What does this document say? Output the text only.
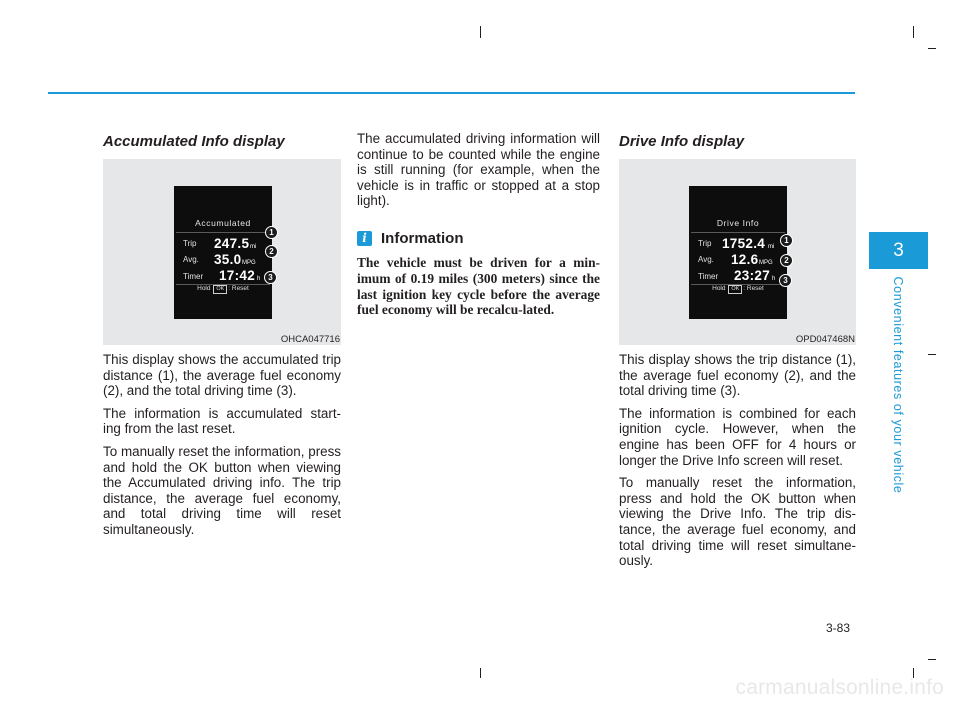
Accumulated Info display
Accumulated
Trip 247.5 mi
Avg. 35.0 MPG
Timer 17:42 h
Hold OK : Reset
1
2
3
OHCA047716

This display shows the accumulated trip distance (1), the average fuel economy (2), and the total driving time (3).

The information is accumulated start-ing from the last reset.

To manually reset the information, press and hold the OK button when viewing the Accumulated driving info. The trip distance, the average fuel economy, and total driving time will reset simultaneously.

The accumulated driving information will continue to be counted while the engine is still running (for example, when the vehicle is in traffic or stopped at a stop light).

i Information
The vehicle must be driven for a min-imum of 0.19 miles (300 meters) since the last ignition key cycle before the average fuel economy will be recalcu-lated.
Drive Info display
Drive Info
Trip 1752.4 mi
Avg. 12.6 MPG
Timer 23:27 h
Hold OK : Reset
1
2
3
OPD047468N

This display shows the trip distance (1), the average fuel economy (2), and the total driving time (3).

The information is combined for each ignition cycle. However, when the engine has been OFF for 4 hours or longer the Drive Info screen will reset.

To manually reset the information, press and hold the OK button when viewing the Drive Info. The trip dis-tance, the average fuel economy, and total driving time will reset simultane-ously.

3
Convenient features of your vehicle
3-83
carmanualsonline.info
